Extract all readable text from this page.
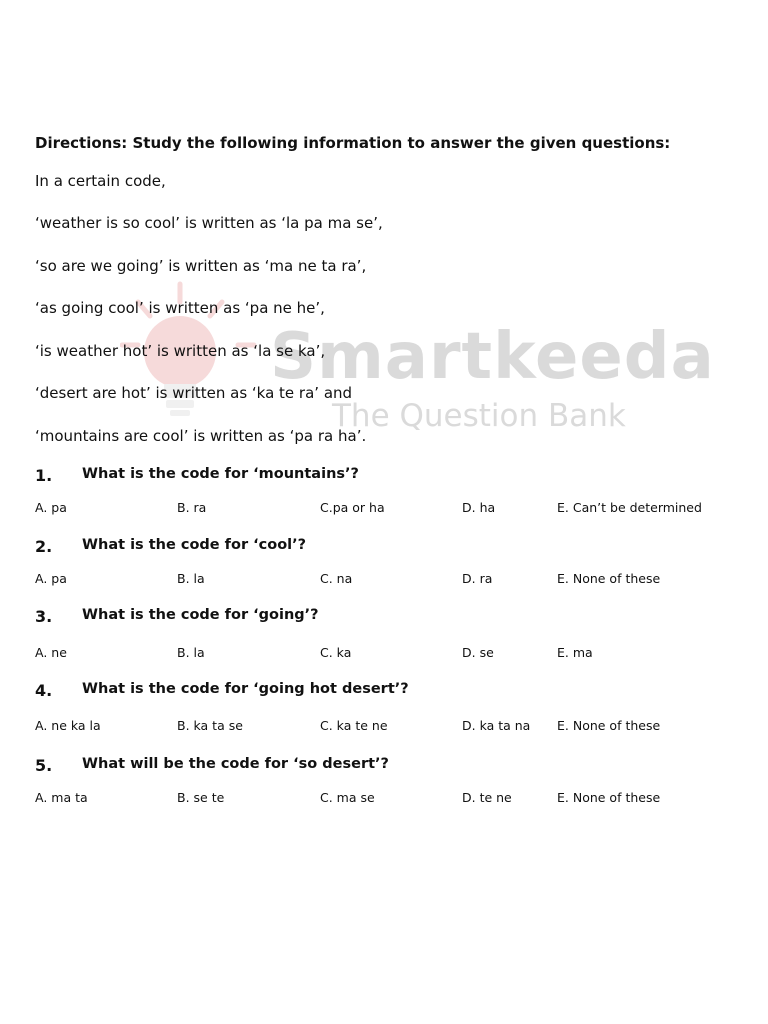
Smartkeeda
The Question Bank
Directions: Study the following information to answer the given questions:
In a certain code,
‘weather is so cool’ is written as ‘la pa ma se’,
‘so are we going’ is written as ‘ma ne ta ra’,
‘as going cool’ is written as ‘pa ne he’,
‘is weather hot’ is written as ‘la se ka’,
‘desert are hot’ is written as ‘ka te ra’ and
‘mountains are cool’ is written as ‘pa ra ha’.
1. What is the code for ‘mountains’?
A. pa	B. ra	C.pa or ha	D. ha	E. Can’t be determined
2. What is the code for ‘cool’?
A. pa	B. la	C. na	D. ra	E. None of these
3. What is the code for ‘going’?
A. ne	B. la	C. ka	D. se	E. ma
4. What is the code for ‘going hot desert’?
A. ne ka la	B. ka ta se	C. ka te ne	D. ka ta na E. None of these
5. What will be the code for ‘so desert’?
A. ma ta	B. se te	C. ma se	D. te ne	E. None of these
